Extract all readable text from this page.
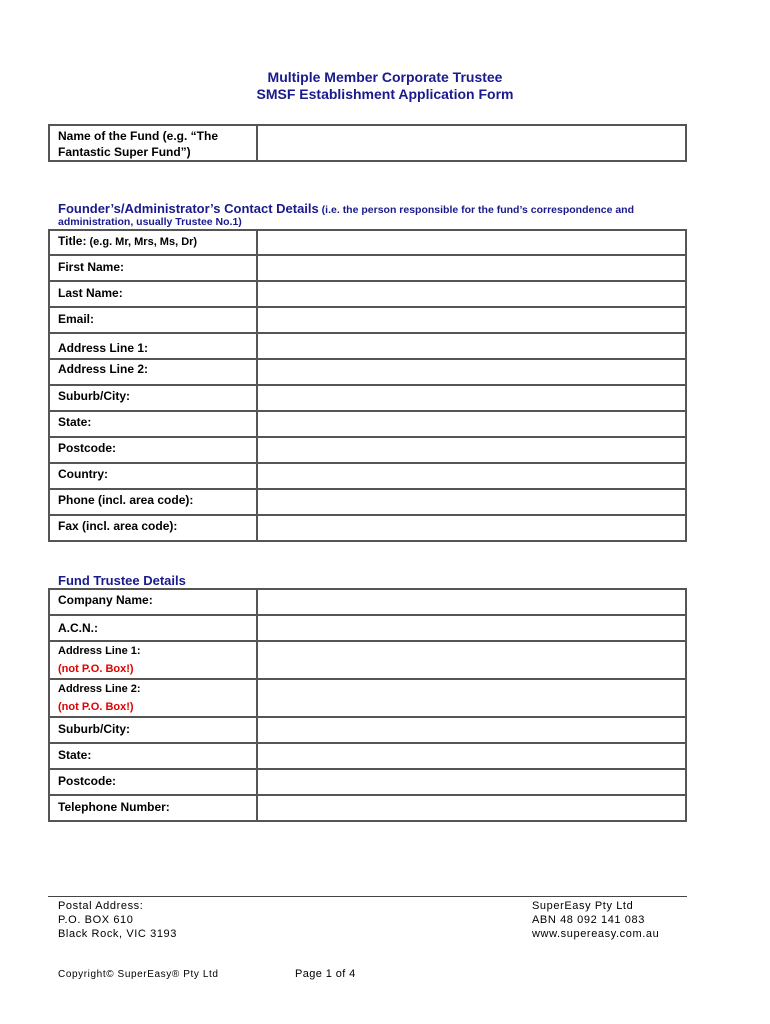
Multiple Member Corporate Trustee
SMSF Establishment Application Form
Name of the Fund (e.g. “The
Fantastic Super Fund”)

Founder’s/Administrator’s Contact Details (i.e. the person responsible for the fund’s correspondence and
administration, usually Trustee No.1)
Title: (e.g. Mr, Mrs, Ms, Dr)	
First Name:	
Last Name:	
Email:	
Address Line 1:	
Address Line 2:	
Suburb/City:	
State:	
Postcode:	
Country:	
Phone (incl. area code):	
Fax (incl. area code):	
Fund Trustee Details
Company Name:	
A.C.N.:	

Address Line 1:
(not P.O. Box!)

Address Line 2:
(not P.O. Box!)

Suburb/City:	
State:	
Postcode:	
Telephone Number:	
Postal Address:
P.O. BOX 610
Black Rock, VIC 3193
SuperEasy Pty Ltd
ABN 48 092 141 083
www.supereasy.com.au
Copyright© SuperEasy® Pty Ltd	Page 1 of 4
